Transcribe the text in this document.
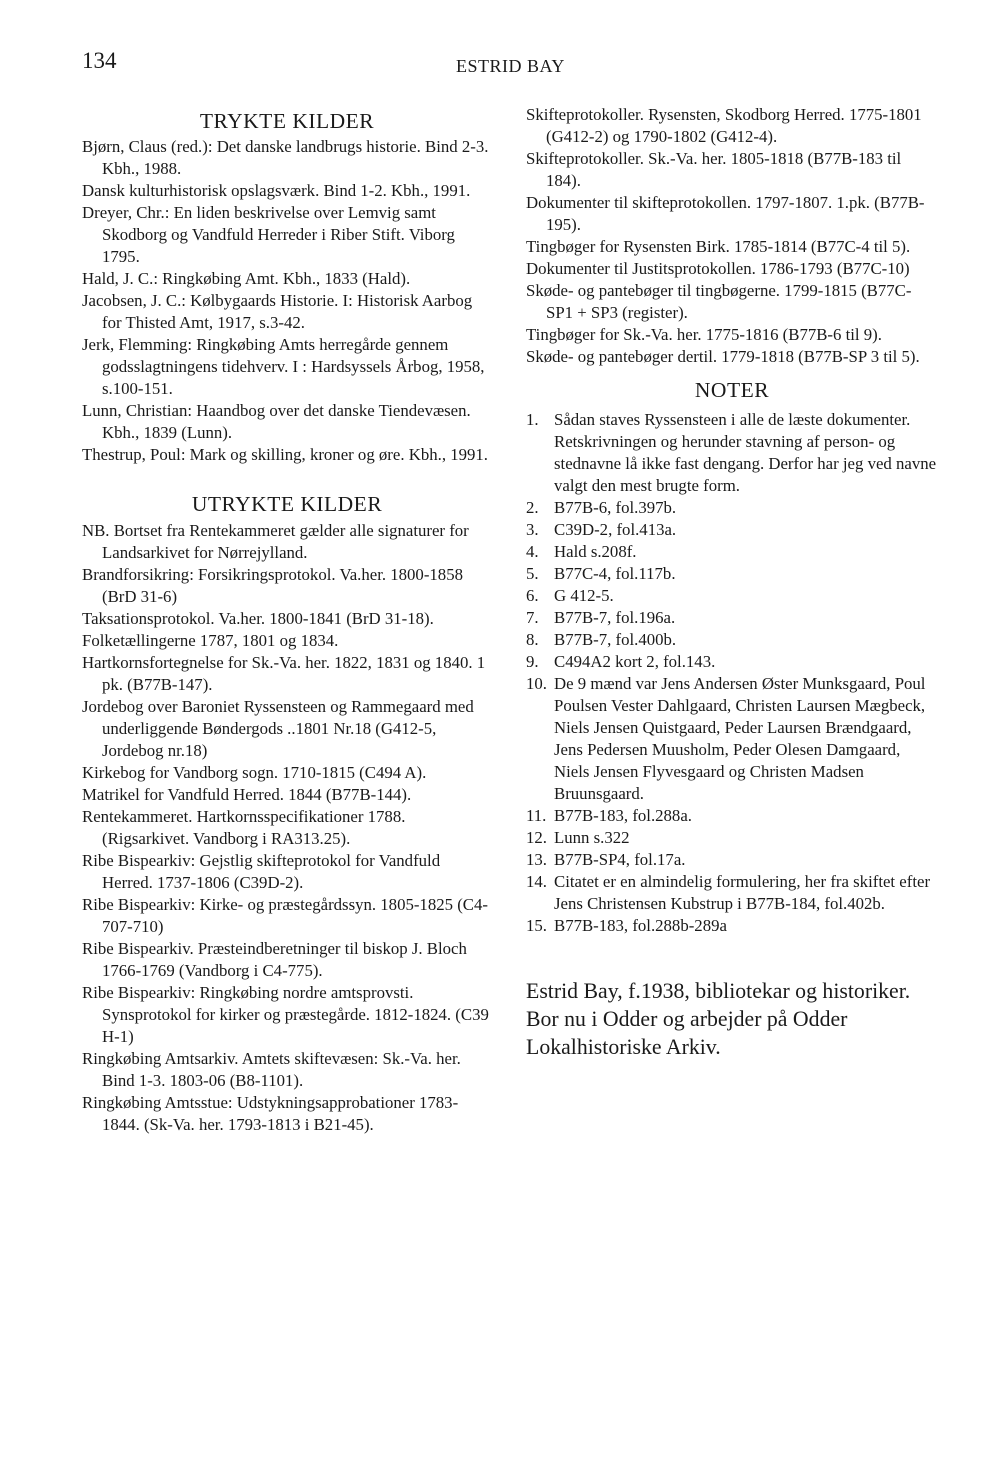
134	ESTRID BAY
TRYKTE KILDER

Bjørn, Claus (red.): Det danske landbrugs historie. Bind 2-3. Kbh., 1988.

Dansk kulturhistorisk opslagsværk. Bind 1-2. Kbh., 1991.

Dreyer, Chr.: En liden beskrivelse over Lemvig samt Skodborg og Vandfuld Herreder i Riber Stift. Viborg 1795.

Hald, J. C.: Ringkøbing Amt. Kbh., 1833 (Hald).

Jacobsen, J. C.: Kølbygaards Historie. I: Historisk Aarbog for Thisted Amt, 1917, s.3-42.

Jerk, Flemming: Ringkøbing Amts herregårde gennem godsslagtningens tidehverv. I : Hardsyssels Årbog, 1958, s.100-151.

Lunn, Christian: Haandbog over det danske Tiendevæsen. Kbh., 1839 (Lunn).

Thestrup, Poul: Mark og skilling, kroner og øre. Kbh., 1991.

UTRYKTE KILDER

NB. Bortset fra Rentekammeret gælder alle signaturer for Landsarkivet for Nørrejylland.

Brandforsikring: Forsikringsprotokol. Va.her. 1800-1858 (BrD 31-6)

Taksationsprotokol. Va.her. 1800-1841 (BrD 31-18).

Folketællingerne 1787, 1801 og 1834.

Hartkornsfortegnelse for Sk.-Va. her. 1822, 1831 og 1840. 1 pk. (B77B-147).

Jordebog over Baroniet Ryssensteen og Rammegaard med underliggende Bøndergods ..1801 Nr.18 (G412-5, Jordebog nr.18)

Kirkebog for Vandborg sogn. 1710-1815 (C494 A).

Matrikel for Vandfuld Herred. 1844 (B77B-144).

Rentekammeret. Hartkornsspecifikationer 1788. (Rigsarkivet. Vandborg i RA313.25).

Ribe Bispearkiv: Gejstlig skifteprotokol for Vandfuld Herred. 1737-1806 (C39D-2).

Ribe Bispearkiv: Kirke- og præstegårdssyn. 1805-1825 (C4-707-710)

Ribe Bispearkiv. Præsteindberetninger til biskop J. Bloch 1766-1769 (Vandborg i C4-775).

Ribe Bispearkiv: Ringkøbing nordre amtsprovsti. Synsprotokol for kirker og præstegårde. 1812-1824. (C39 H-1)

Ringkøbing Amtsarkiv. Amtets skiftevæsen: Sk.-Va. her. Bind 1-3. 1803-06 (B8-1101).

Ringkøbing Amtsstue: Udstykningsapprobationer 1783-1844. (Sk-Va. her. 1793-1813 i B21-45).

Skifteprotokoller. Rysensten, Skodborg Herred. 1775-1801 (G412-2) og 1790-1802 (G412-4).

Skifteprotokoller. Sk.-Va. her. 1805-1818 (B77B-183 til 184).

Dokumenter til skifteprotokollen. 1797-1807. 1.pk. (B77B-195).

Tingbøger for Rysensten Birk. 1785-1814 (B77C-4 til 5).

Dokumenter til Justitsprotokollen. 1786-1793 (B77C-10)

Skøde- og pantebøger til tingbøgerne. 1799-1815 (B77C-SP1 + SP3 (register).

Tingbøger for Sk.-Va. her. 1775-1816 (B77B-6 til 9).

Skøde- og pantebøger dertil. 1779-1818 (B77B-SP 3 til 5).

NOTER
1. Sådan staves Ryssensteen i alle de læste dokumenter. Retskrivningen og herunder stavning af person- og stednavne lå ikke fast dengang. Derfor har jeg ved navne valgt den mest brugte form.
2. B77B-6, fol.397b.
3. C39D-2, fol.413a.
4. Hald s.208f.
5. B77C-4, fol.117b.
6. G 412-5.
7. B77B-7, fol.196a.
8. B77B-7, fol.400b.
9. C494A2 kort 2, fol.143.
10. De 9 mænd var Jens Andersen Øster Munksgaard, Poul Poulsen Vester Dahlgaard, Christen Laursen Mægbeck, Niels Jensen Quistgaard, Peder Laursen Brændgaard, Jens Pedersen Muusholm, Peder Olesen Damgaard, Niels Jensen Flyvesgaard og Christen Madsen Bruunsgaard.
11. B77B-183, fol.288a.
12. Lunn s.322
13. B77B-SP4, fol.17a.
14. Citatet er en almindelig formulering, her fra skiftet efter Jens Christensen Kubstrup i B77B-184, fol.402b.
15. B77B-183, fol.288b-289a
Estrid Bay, f.1938, bibliotekar og historiker. Bor nu i Odder og arbejder på Odder Lokalhistoriske Arkiv.
